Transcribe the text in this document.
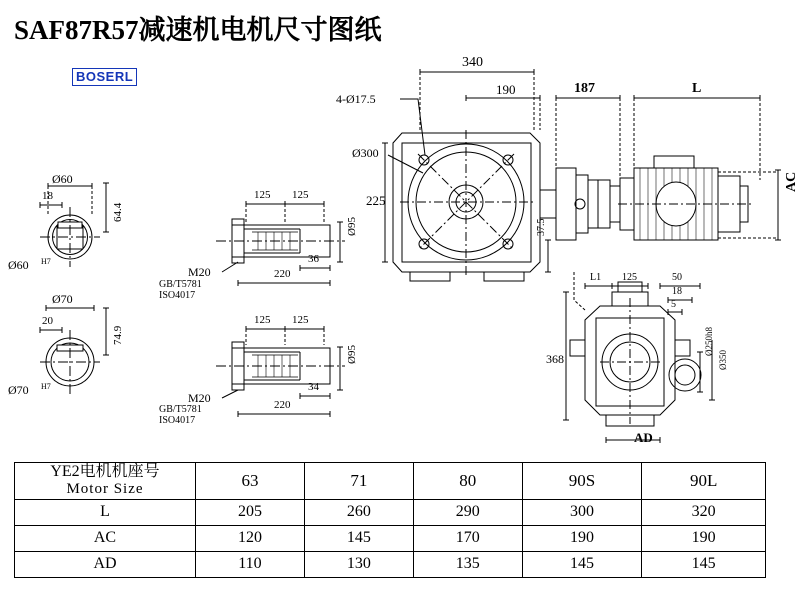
SAF87R57减速机电机尺寸图纸
BOSERL
340
190	187	L
4-Ø17.5
Ø300
225
37.5
AC
368
Ø250h8
Ø350
L1 125	50
18
5
AD
Ø60
64.4
18
Ø60 H7
Ø70
74.9
20
Ø70 H7
125 125
36
220
Ø95
M20
GB/T5781
ISO4017
125 125
34
220
Ø95
M20
GB/T5781
ISO4017
YE2电机机座号
Motor Size	63	71	80	90S	90L
L	205	260	290	300	320
AC	120	145	170	190	190
AD	110	130	135	145	145
